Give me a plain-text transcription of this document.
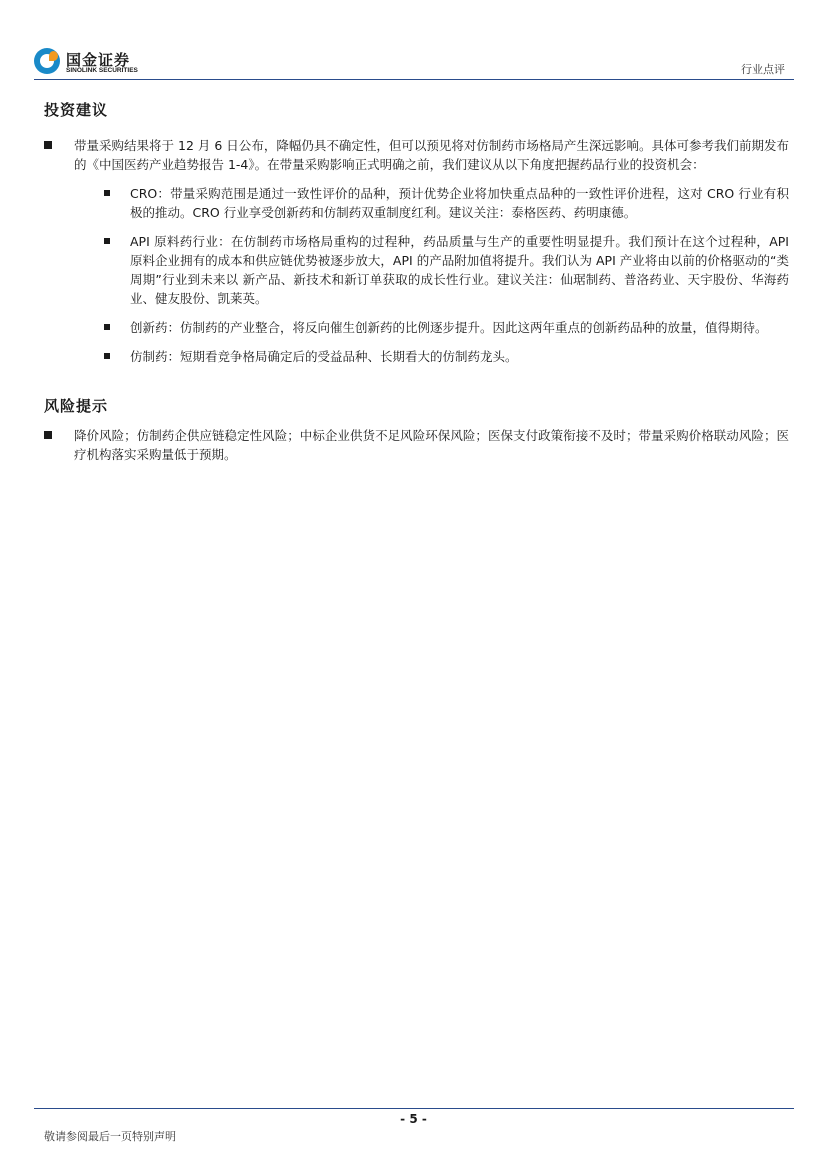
国金证券
SINOLINK SECURITIES	行业点评
投资建议
带量采购结果将于 12 月 6 日公布，降幅仍具不确定性，但可以预见将对仿制药市场格局产生深远影响。具体可参考我们前期发布的《中国医药产业趋势报告 1-4》。在带量采购影响正式明确之前，我们建议从以下角度把握药品行业的投资机会：
CRO：带量采购范围是通过一致性评价的品种，预计优势企业将加快重点品种的一致性评价进程，这对 CRO 行业有积极的推动。CRO 行业享受创新药和仿制药双重制度红利。建议关注：泰格医药、药明康德。
API 原料药行业：在仿制药市场格局重构的过程种，药品质量与生产的重要性明显提升。我们预计在这个过程种，API 原料企业拥有的成本和供应链优势被逐步放大，API 的产品附加值将提升。我们认为 API 产业将由以前的价格驱动的“类周期”行业到未来以 新产品、新技术和新订单获取的成长性行业。建议关注：仙琚制药、普洛药业、天宇股份、华海药业、健友股份、凯莱英。
创新药：仿制药的产业整合，将反向催生创新药的比例逐步提升。因此这两年重点的创新药品种的放量，值得期待。
仿制药：短期看竞争格局确定后的受益品种、长期看大的仿制药龙头。
风险提示
降价风险；仿制药企供应链稳定性风险；中标企业供货不足风险环保风险；医保支付政策衔接不及时；带量采购价格联动风险；医疗机构落实采购量低于预期。
- 5 -
敬请参阅最后一页特别声明
